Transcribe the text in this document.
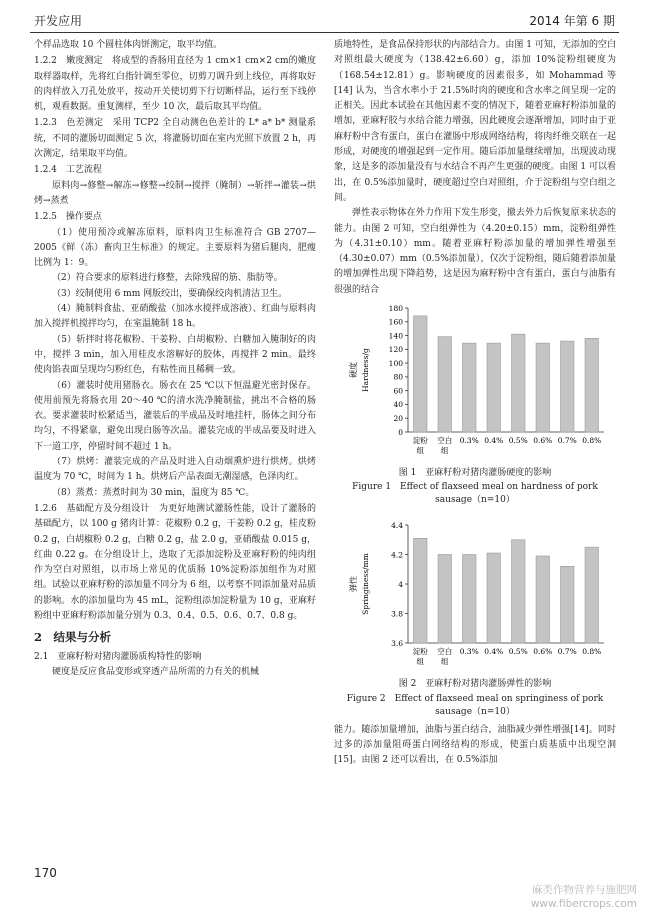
开发应用	2014 年第 6 期

个样品选取 10 个圆柱体肉饼测定，取平均值。

1.2.2　嫩度测定　将成型的香肠用直径为 1 cm×1 cm×2 cm的嫩度取样器取样，先将红白指针调至零位，切剪刀调升到上线位，再将取好的肉样放入刀孔处放平，按动开关使切剪下行切断样品，运行至下线停机，观看数据。重复测样，至少 10 次，最后取其平均值。

1.2.3　色差测定　采用 TCP2 全自动测色色差计的 L* a* b* 测量系统，不同的灌肠切面测定 5 次，将灌肠切面在室内光照下放置 2 h，再次测定，结果取平均值。

1.2.4　工艺流程

原料肉→修整→解冻→修整→绞制→搅拌（腌制）→斩拌→灌装→烘烤→蒸煮

1.2.5　操作要点

（1）使用预冷或解冻原料，原料肉卫生标准符合 GB 2707—2005《鲜（冻）畜肉卫生标准》的规定。主要原料为猪后腿肉，肥瘦比例为 1：9。

（2）符合要求的原料进行修整，去除残留的筋、脂肪等。

（3）绞制使用 6 mm 网版绞出，要确保绞肉机清洁卫生。

（4）腌制料食盐、亚硝酸盐（加冰水搅拌成溶液）、红曲与原料肉加入搅拌机搅拌均匀，在室温腌制 18 h。

（5）斩拌时将花椒粉、干姜粉、白胡椒粉、白糖加入腌制好的肉中，搅拌 3 min，加入用桂皮水溶解好的胶体，再搅拌 2 min。最终使肉馅表面呈现均匀粉红色，有粘性而且稀稠一致。

（6）灌装时使用猪肠衣。肠衣在 25 ℃以下恒温避光密封保存。使用前预先将肠衣用 20～40 ℃的清水洗净腌制盐，挑出不合格的肠衣。要求灌装时松紧适当，灌装后的半成品及时地挂杆，肠体之间分布均匀，不得紧靠，避免出现白肠等次品。灌装完成的半成品要及时进入下一道工序，停留时间不超过 1 h。

（7）烘烤：灌装完成的产品及时进入自动烟熏炉进行烘烤。烘烤温度为 70 ℃，时间为 1 h。烘烤后产品表面无潮湿感，色泽肉红。

（8）蒸煮：蒸煮时间为 30 min，温度为 85 ℃。

1.2.6　基础配方及分组设计　为更好地测试灌肠性能，设计了灌肠的基础配方，以 100 g 猪肉计算：花椒粉 0.2 g，干姜粉 0.2 g，桂皮粉 0.2 g，白胡椒粉 0.2 g，白糖 0.2 g，盐 2.0 g，亚硝酸盐 0.015 g，红曲 0.22 g。在分组设计上，选取了无添加淀粉及亚麻籽粉的纯肉组作为空白对照组，以市场上常见的优质肠 10%淀粉添加组作为对照组。试验以亚麻籽粉的添加量不同分为 6 组，以考察不同添加量对品质的影响。水的添加量均为 45 mL，淀粉组添加淀粉量为 10 g，亚麻籽粉组中亚麻籽粉添加量分别为 0.3、0.4、0.5、0.6、0.7、0.8 g。

2　结果与分析

2.1　亚麻籽粉对猪肉灌肠质构特性的影响

硬度是反应食品变形或穿透产品所需的力有关的机械

质地特性，是食品保持形状的内部结合力。由图 1 可知，无添加的空白对照组最大硬度为（138.42±6.60）g，添加 10%淀粉组硬度为（168.54±12.81）g。影响硬度的因素很多，如 Mohammad 等[14] 认为，当含水率小于 21.5%时肉的硬度和含水率之间呈现一定的正相关。因此本试验在其他因素不变的情况下，随着亚麻籽粉添加量的增加，亚麻籽胶与水结合能力增强，因此硬度会逐渐增加，同时由于亚麻籽粉中含有蛋白，蛋白在灌肠中形成网络结构，将肉纤维交联在一起形成，对硬度的增强起到一定作用。随后添加量继续增加，出现波动现象，这是多的添加量没有与水结合不再产生更强的硬度。由图 1 可以看出，在 0.5%添加量时，硬度超过空白对照组，介于淀粉组与空白组之间。

弹性表示物体在外力作用下发生形变，撤去外力后恢复原来状态的能力。由图 2 可知，空白组弹性为（4.20±0.15）mm，淀粉组弹性为（4.31±0.10）mm。随着亚麻籽粉添加量的增加弹性增强至（4.30±0.07）mm（0.5%添加量），仅次于淀粉组，随后随着添加量的增加弹性出现下降趋势，这是因为麻籽粉中含有蛋白，蛋白与油脂有很强的结合

硬度 Hardness/g
0
20
40
60
80
100
120
140
160
180
淀粉
组
空白
组
0.3% 0.4% 0.5% 0.6% 0.7% 0.8%
图 1　亚麻籽粉对猪肉灌肠硬度的影响
Figure 1　Effect of flaxseed meal on hardness of pork sausage（n=10）
弹性 Springiness/mm
3.6
3.8
4
4.2
4.4
淀粉
组
空白
组
0.3% 0.4% 0.5% 0.6% 0.7% 0.8%
图 2　亚麻籽粉对猪肉灌肠弹性的影响
Figure 2　Effect of flaxseed meal on springiness of pork sausage（n=10）

能力。随添加量增加，油脂与蛋白结合，油脂减少弹性增强[14]。同时过多的添加量阻碍蛋白网络结构的形成，使蛋白质基质中出现空洞[15]。由图 2 还可以看出，在 0.5%添加

170
麻类作物营养与施肥网
www.fibercrops.com
